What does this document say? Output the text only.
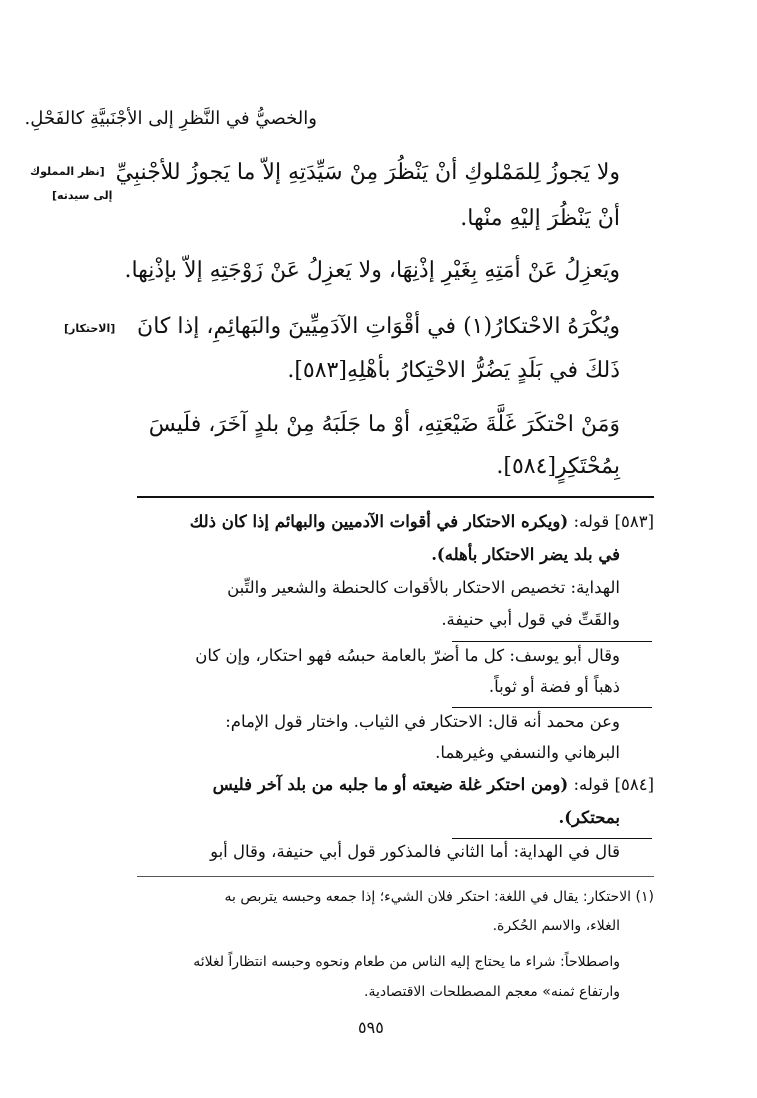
والخصيُّ في النَّظرِ إلى الأجْنَبيَّةِ كالفَحْلِ.
ولا يَجوزُ لِلمَمْلوكِ أنْ يَنْظُرَ مِنْ سَيِّدَتِهِ إلاّ ما يَجوزُ للأجْنبِيِّ
أنْ يَنْظُرَ إليْهِ منْها.
ويَعزِلُ عَنْ أمَتِهِ بِغَيْرِ إذْنِهَا، ولا يَعزِلُ عَنْ زَوْجَتِهِ إلاّ بإذْنِها.
ويُكْرَهُ الاحْتكارُ(١) في أقْوَاتِ الآدَمِيِّينَ والبَهائِمِ، إذا كانَ
ذَلكَ في بَلَدٍ يَضُرُّ الاحْتِكارُ بأهْلِهِ[٥٨٣].
وَمَنْ احْتكَرَ غَلَّةَ ضَيْعَتِهِ، أوْ ما جَلَبَهُ مِنْ بلدٍ آخَرَ، فلَيسَ
بِمُحْتَكِرٍ[٥٨٤].
[نظر المملوك
إلى سيدته]
[الاحتكار]
[٥٨٣] قوله: (ويكره الاحتكار في أقوات الآدميين والبهائم إذا كان ذلك
في بلد يضر الاحتكار بأهله).
الهداية: تخصيص الاحتكار بالأقوات كالحنطة والشعير والتِّبن
والقَتِّ في قول أبي حنيفة.
وقال أبو يوسف: كل ما أضرّ بالعامة حبسُه فهو احتكار، وإن كان
ذهباً أو فضة أو ثوباً.
وعن محمد أنه قال: الاحتكار في الثياب. واختار قول الإمام:
البرهاني والنسفي وغيرهما.
[٥٨٤] قوله: (ومن احتكر غلة ضيعته أو ما جلبه من بلد آخر فليس
بمحتكر).
قال في الهداية: أما الثاني فالمذكور قول أبي حنيفة، وقال أبو
(١) الاحتكار: يقال في اللغة: احتكر فلان الشيء؛ إذا جمعه وحبسه يتربص به
الغلاء، والاسم الحُكرة.
واصطلاحاً: شراء ما يحتاج إليه الناس من طعام ونحوه وحبسه انتظاراً لغلائه
وارتفاع ثمنه» معجم المصطلحات الاقتصادية.
٥٩٥
